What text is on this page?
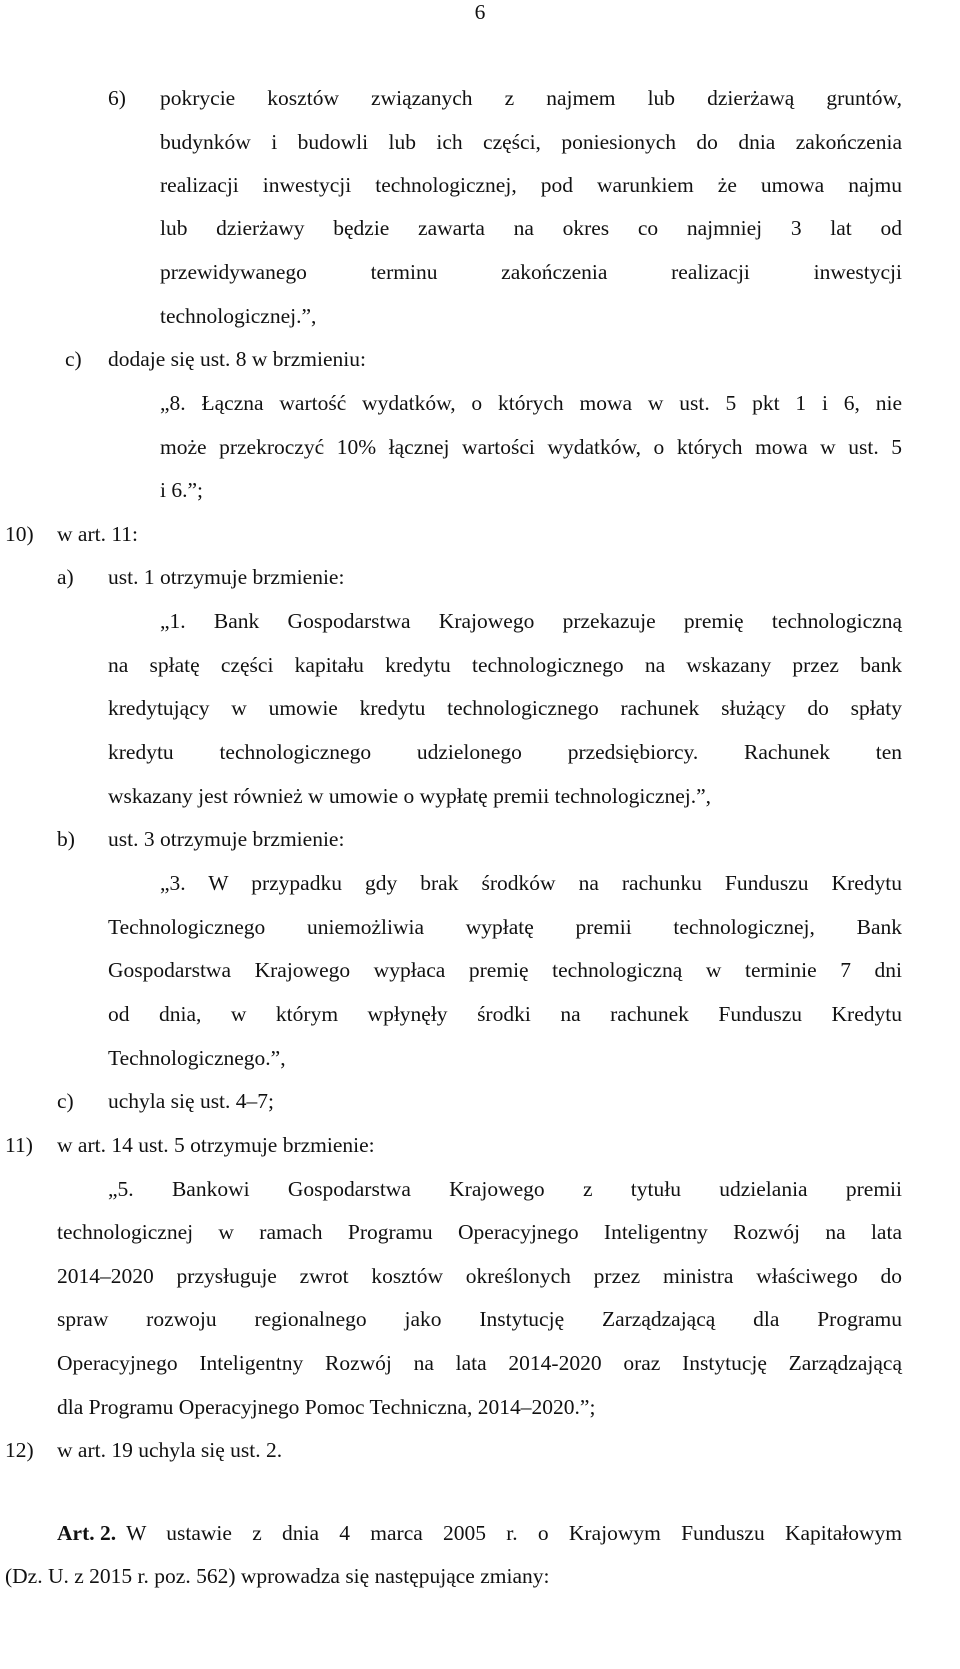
6
6) pokrycie kosztów związanych z najmem lub dzierżawą gruntów,
budynków i budowli lub ich części, poniesionych do dnia zakończenia
realizacji inwestycji technologicznej, pod warunkiem że umowa najmu
lub dzierżawy będzie zawarta na okres co najmniej 3 lat od
przewidywanego terminu zakończenia realizacji inwestycji
technologicznej.”,
c) dodaje się ust. 8 w brzmieniu:
„8. Łączna wartość wydatków, o których mowa w ust. 5 pkt 1 i 6, nie
może przekroczyć 10% łącznej wartości wydatków, o których mowa w ust. 5
i 6.”;
10) w art. 11:
a) ust. 1 otrzymuje brzmienie:
„1. Bank Gospodarstwa Krajowego przekazuje premię technologiczną
na spłatę części kapitału kredytu technologicznego na wskazany przez bank
kredytujący w umowie kredytu technologicznego rachunek służący do spłaty
kredytu technologicznego udzielonego przedsiębiorcy. Rachunek ten
wskazany jest również w umowie o wypłatę premii technologicznej.”,
b) ust. 3 otrzymuje brzmienie:
„3. W przypadku gdy brak środków na rachunku Funduszu Kredytu
Technologicznego uniemożliwia wypłatę premii technologicznej, Bank
Gospodarstwa Krajowego wypłaca premię technologiczną w terminie 7 dni
od dnia, w którym wpłynęły środki na rachunek Funduszu Kredytu
Technologicznego.”,
c) uchyla się ust. 4–7;
11) w art. 14 ust. 5 otrzymuje brzmienie:
„5. Bankowi Gospodarstwa Krajowego z tytułu udzielania premii
technologicznej w ramach Programu Operacyjnego Inteligentny Rozwój na lata
2014–2020 przysługuje zwrot kosztów określonych przez ministra właściwego do
spraw rozwoju regionalnego jako Instytucję Zarządzającą dla Programu
Operacyjnego Inteligentny Rozwój na lata 2014-2020 oraz Instytucję Zarządzającą
dla Programu Operacyjnego Pomoc Techniczna, 2014–2020.”;
12) w art. 19 uchyla się ust. 2.
Art. 2. W ustawie z dnia 4 marca 2005 r. o Krajowym Funduszu Kapitałowym
(Dz. U. z 2015 r. poz. 562) wprowadza się następujące zmiany:
